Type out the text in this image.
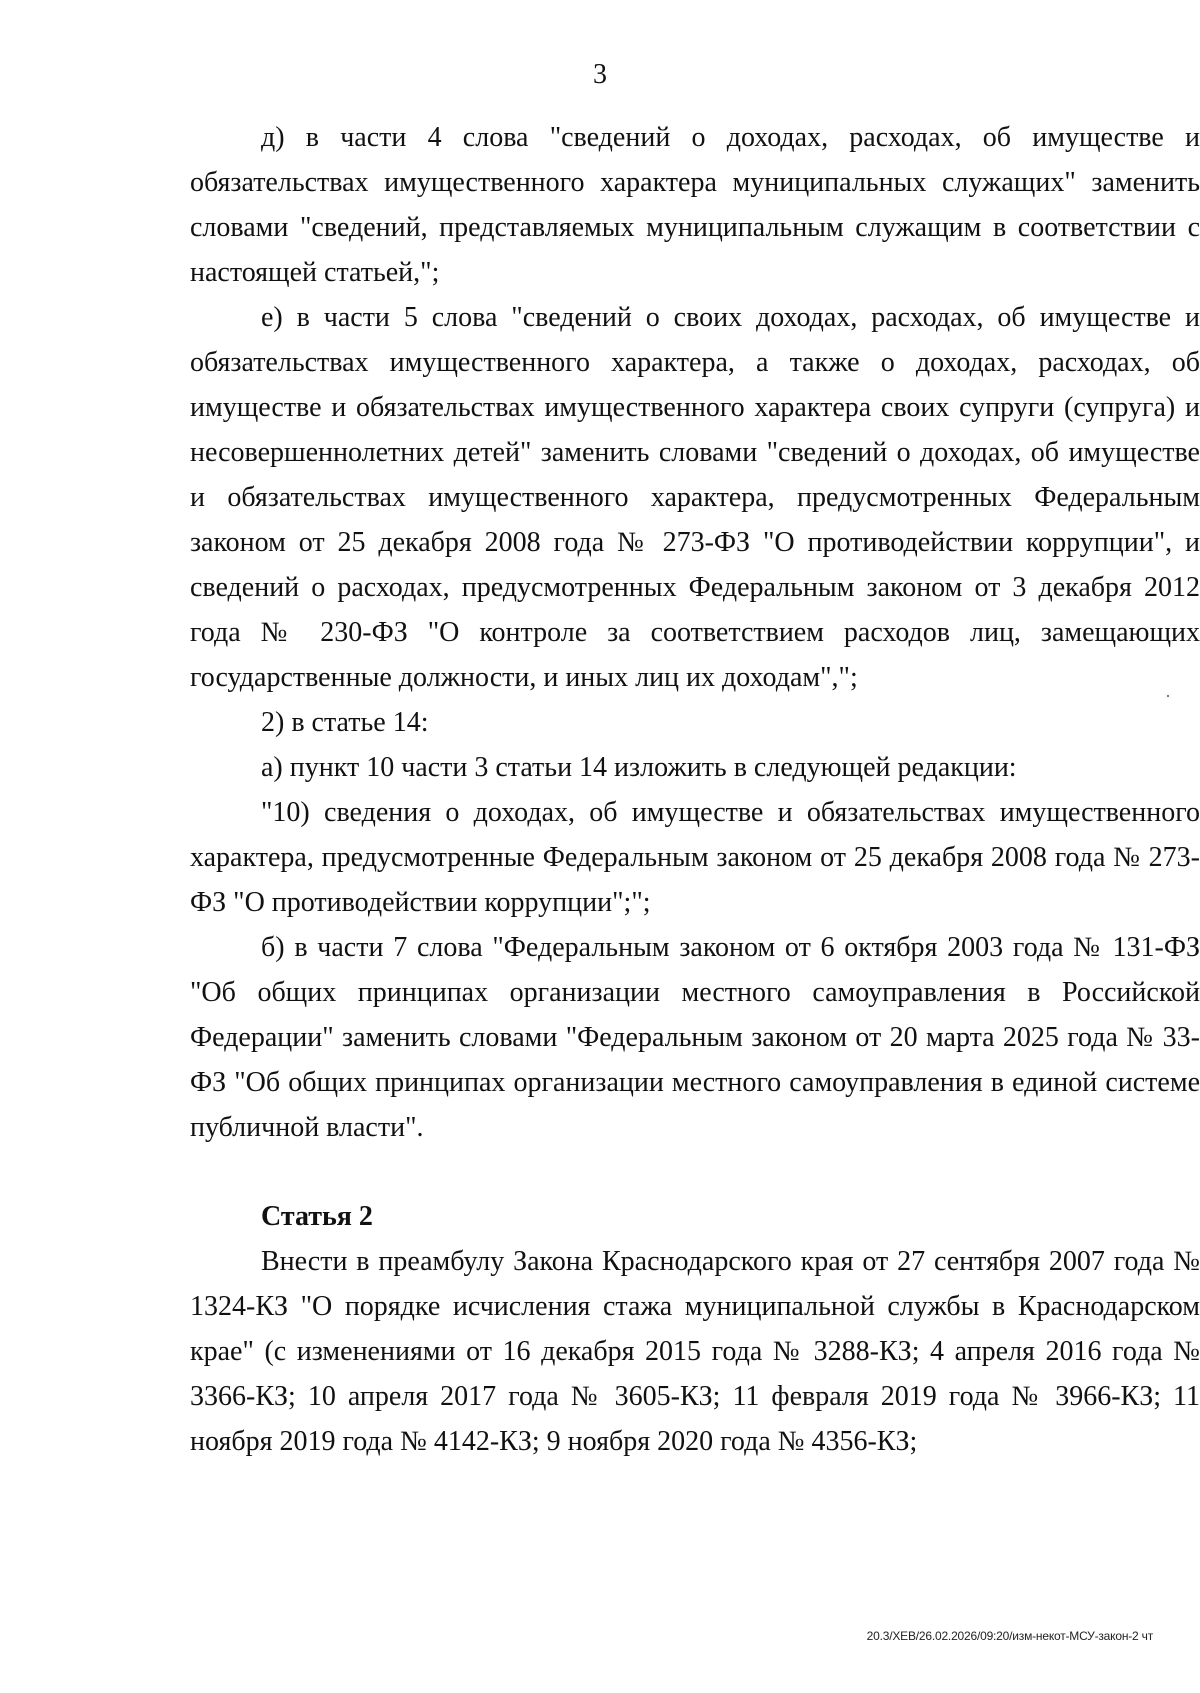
3

д) в части 4 слова "сведений о доходах, расходах, об имуществе и обязательствах имущественного характера муниципальных служащих" заменить словами "сведений, представляемых муниципальным служащим в соответствии с настоящей статьей,";

е) в части 5 слова "сведений о своих доходах, расходах, об имуществе и обязательствах имущественного характера, а также о доходах, расходах, об имуществе и обязательствах имущественного характера своих супруги (супруга) и несовершеннолетних детей" заменить словами "сведений о доходах, об имуществе и обязательствах имущественного характера, предусмотренных Федеральным законом от 25 декабря 2008 года № 273-ФЗ "О противодействии коррупции", и сведений о расходах, предусмотренных Федеральным законом от 3 декабря 2012 года № 230-ФЗ "О контроле за соответствием расходов лиц, замещающих государственные должности, и иных лиц их доходам",";

2) в статье 14:

а) пункт 10 части 3 статьи 14 изложить в следующей редакции:

"10) сведения о доходах, об имуществе и обязательствах имущественного характера, предусмотренные Федеральным законом от 25 декабря 2008 года № 273-ФЗ "О противодействии коррупции";";

б) в части 7 слова "Федеральным законом от 6 октября 2003 года № 131-ФЗ "Об общих принципах организации местного самоуправления в Российской Федерации" заменить словами "Федеральным законом от 20 марта 2025 года № 33-ФЗ "Об общих принципах организации местного самоуправления в единой системе публичной власти".

Статья 2

Внести в преамбулу Закона Краснодарского края от 27 сентября 2007 года № 1324-КЗ "О порядке исчисления стажа муниципальной службы в Краснодарском крае" (с изменениями от 16 декабря 2015 года № 3288-КЗ; 4 апреля 2016 года № 3366-КЗ; 10 апреля 2017 года № 3605-КЗ; 11 февраля 2019 года № 3966-КЗ; 11 ноября 2019 года № 4142-КЗ; 9 ноября 2020 года № 4356-КЗ;

20.3/ХЕВ/26.02.2026/09:20/изм-некот-МСУ-закон-2 чт
